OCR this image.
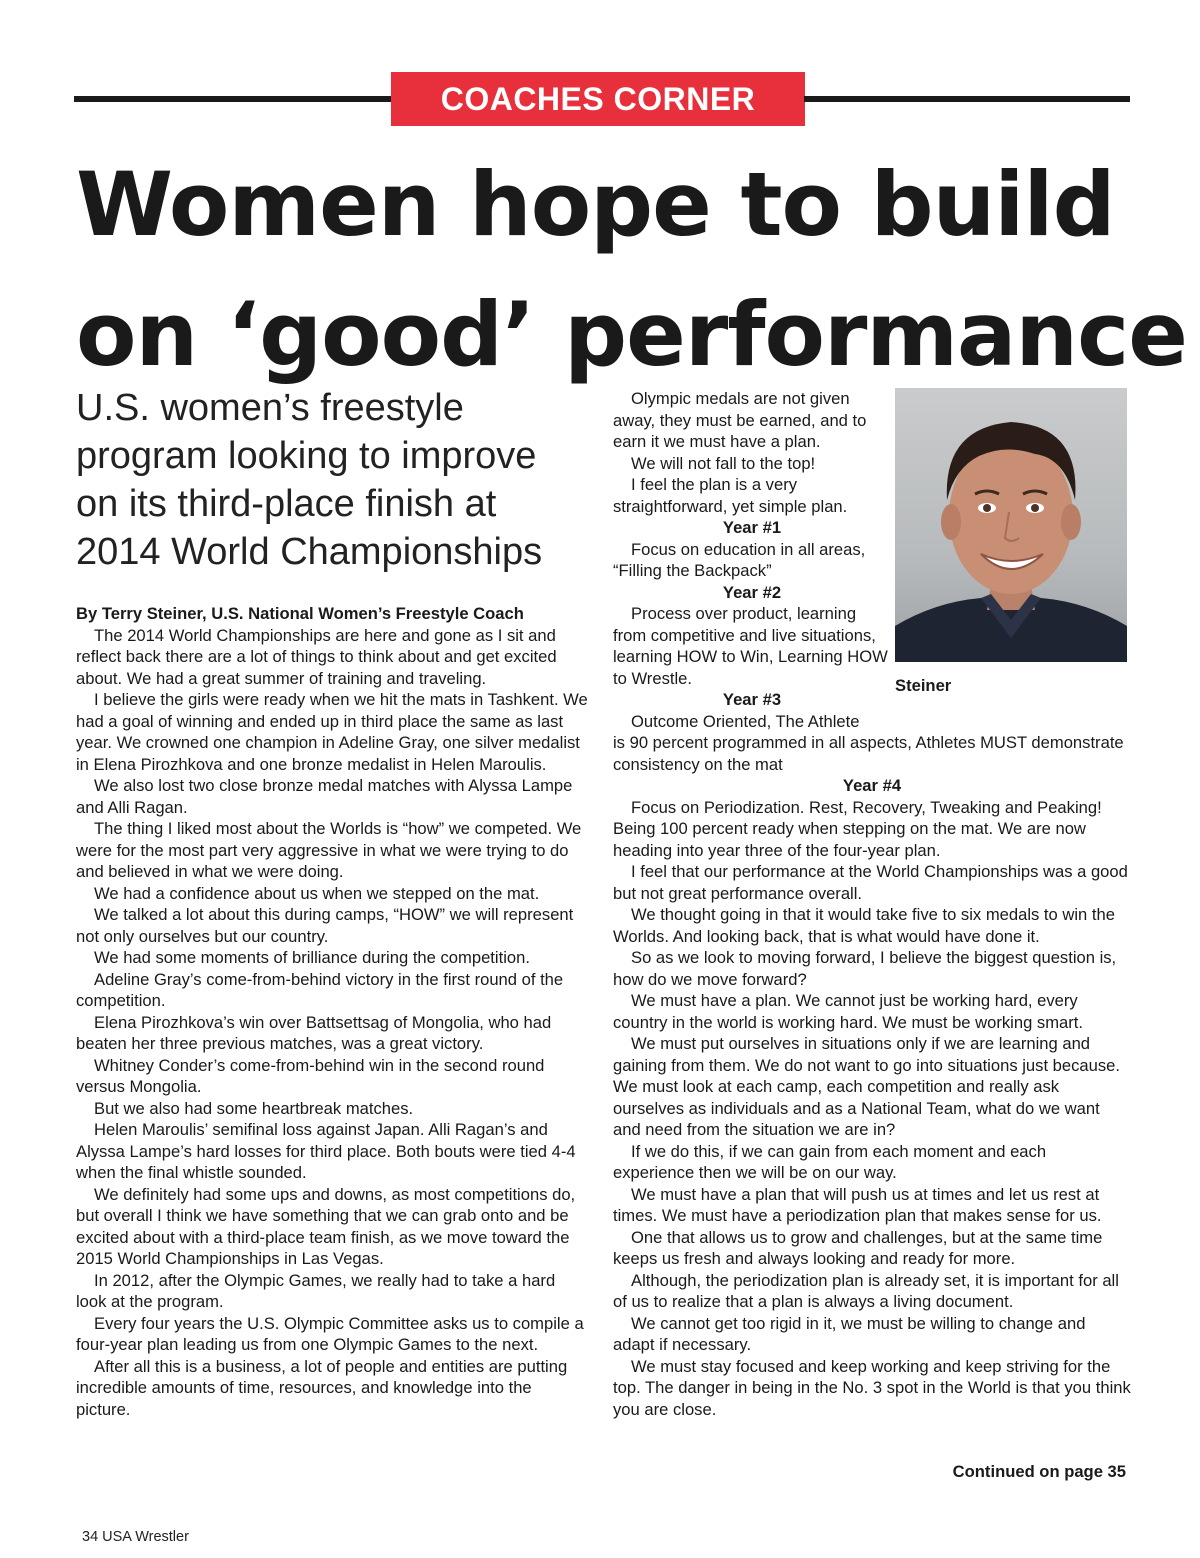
COACHES CORNER
Women hope to build
on ‘good’ performance
U.S. women’s freestyle
program looking to improve
on its third-place finish at
2014 World Championships

By Terry Steiner, U.S. National Women’s Freestyle Coach

The 2014 World Championships are here and gone as I sit and reflect back there are a lot of things to think about and get excited about. We had a great summer of training and traveling.

I believe the girls were ready when we hit the mats in Tashkent. We had a goal of winning and ended up in third place the same as last year. We crowned one champion in Adeline Gray, one silver medalist in Elena Pirozhkova and one bronze medalist in Helen Maroulis.

We also lost two close bronze medal matches with Alyssa Lampe and Alli Ragan.

The thing I liked most about the Worlds is “how” we competed. We were for the most part very aggressive in what we were trying to do and believed in what we were doing.

We had a confidence about us when we stepped on the mat.

We talked a lot about this during camps, “HOW” we will represent not only ourselves but our country.

We had some moments of brilliance during the competition.

Adeline Gray’s come-from-behind victory in the first round of the competition.

Elena Pirozhkova’s win over Battsettsag of Mongolia, who had beaten her three previous matches, was a great victory.

Whitney Conder’s come-from-behind win in the second round versus Mongolia.

But we also had some heartbreak matches.

Helen Maroulis’ semifinal loss against Japan. Alli Ragan’s and Alyssa Lampe’s hard losses for third place. Both bouts were tied 4-4 when the final whistle sounded.

We definitely had some ups and downs, as most competitions do, but overall I think we have something that we can grab onto and be excited about with a third-place team finish, as we move toward the 2015 World Championships in Las Vegas.

In 2012, after the Olympic Games, we really had to take a hard look at the program.

Every four years the U.S. Olympic Committee asks us to compile a four-year plan leading us from one Olympic Games to the next.

After all this is a business, a lot of people and entities are putting incredible amounts of time, resources, and knowledge into the picture.

Olympic medals are not given away, they must be earned, and to earn it we must have a plan.

We will not fall to the top!

I feel the plan is a very straightforward, yet simple plan.

Year #1

Focus on education in all areas, “Filling the Backpack”

Year #2

Process over product, learning from competitive and live situations, learning HOW to Win, Learning HOW to Wrestle.

Year #3

Outcome Oriented, The Athlete

Steiner

is 90 percent programmed in all aspects, Athletes MUST demonstrate consistency on the mat

Year #4

Focus on Periodization. Rest, Recovery, Tweaking and Peaking! Being 100 percent ready when stepping on the mat. We are now heading into year three of the four-year plan.

I feel that our performance at the World Championships was a good but not great performance overall.

We thought going in that it would take five to six medals to win the Worlds. And looking back, that is what would have done it.

So as we look to moving forward, I believe the biggest question is, how do we move forward?

We must have a plan. We cannot just be working hard, every country in the world is working hard. We must be working smart.

We must put ourselves in situations only if we are learning and gaining from them. We do not want to go into situations just because. We must look at each camp, each competition and really ask ourselves as individuals and as a National Team, what do we want and need from the situation we are in?

If we do this, if we can gain from each moment and each experience then we will be on our way.

We must have a plan that will push us at times and let us rest at times. We must have a periodization plan that makes sense for us.

One that allows us to grow and challenges, but at the same time keeps us fresh and always looking and ready for more.

Although, the periodization plan is already set, it is important for all of us to realize that a plan is always a living document.

We cannot get too rigid in it, we must be willing to change and adapt if necessary.

We must stay focused and keep working and keep striving for the top. The danger in being in the No. 3 spot in the World is that you think you are close.

Continued on page 35
34 USA Wrestler
